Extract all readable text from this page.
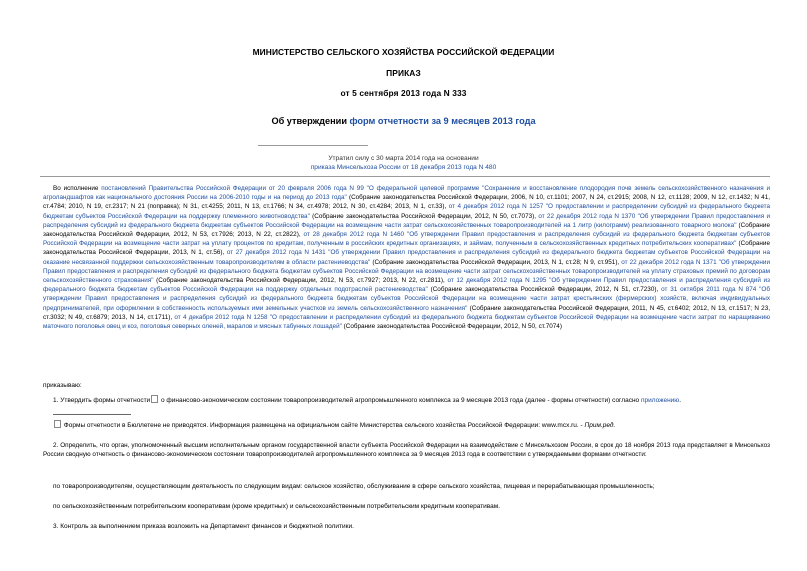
МИНИСТЕРСТВО СЕЛЬСКОГО ХОЗЯЙСТВА РОССИЙСКОЙ ФЕДЕРАЦИИ
ПРИКАЗ
от 5 сентября 2013 года N 333
Об утверждении форм отчетности за 9 месяцев 2013 года
Утратил силу с 30 марта 2014 года на основании
приказа Минсельхоза России от 18 декабря 2013 года N 480
Во исполнение постановлений Правительства Российской Федерации от 20 февраля 2006 года N 99 "О федеральной целевой программе "Сохранение и восстановление плодородия почв земель сельскохозяйственного назначения и агроландшафтов как национального достояния России на 2006-2010 годы и на период до 2013 года" (Собрание законодательства Российской Федерации, 2006, N 10, ст.1101; 2007, N 24, ст.2915; 2008, N 12, ст.1128; 2009, N 12, ст.1432; N 41, ст.4784; 2010, N 19, ст.2317; N 21 (поправка); N 31, ст.4255; 2011, N 13, ст.1766; N 34, ст.4978; 2012, N 30, ст.4284; 2013, N 1, ст.33), от 4 декабря 2012 года N 1257 "О предоставлении и распределении субсидий из федерального бюджета бюджетам субъектов Российской Федерации на поддержку племенного животноводства" (Собрание законодательства Российской Федерации, 2012, N 50, ст.7073), от 22 декабря 2012 года N 1370 "Об утверждении Правил предоставления и распределения субсидий из федерального бюджета бюджетам субъектов Российской Федерации на возмещение части затрат сельскохозяйственных товаропроизводителей на 1 литр (килограмм) реализованного товарного молока" (Собрание законодательства Российской Федерации, 2012, N 53, ст.7926; 2013, N 22, ст.2822), от 28 декабря 2012 года N 1460 "Об утверждении Правил предоставления и распределения субсидий из федерального бюджета бюджетам субъектов Российской Федерации на возмещение части затрат на уплату процентов по кредитам, полученным в российских кредитных организациях, и займам, полученным в сельскохозяйственных кредитных потребительских кооперативах" (Собрание законодательства Российской Федерации, 2013, N 1, ст.56), от 27 декабря 2012 года N 1431 "Об утверждении Правил предоставления и распределения субсидий из федерального бюджета бюджетам субъектов Российской Федерации на оказание несвязанной поддержки сельскохозяйственным товаропроизводителям в области растениеводства" (Собрание законодательства Российской Федерации, 2013, N 1, ст.28; N 9, ст.951), от 22 декабря 2012 года N 1371 "Об утверждении Правил предоставления и распределения субсидий из федерального бюджета бюджетам субъектов Российской Федерации на возмещение части затрат сельскохозяйственных товаропроизводителей на уплату страховых премий по договорам сельскохозяйственного страхования" (Собрание законодательства Российской Федерации, 2012, N 53, ст.7927; 2013, N 22, ст.2811), от 12 декабря 2012 года N 1295 "Об утверждении Правил предоставления и распределения субсидий из федерального бюджета бюджетам субъектов Российской Федерации на поддержку отдельных подотраслей растениеводства" (Собрание законодательства Российской Федерации, 2012, N 51, ст.7230), от 31 октября 2011 года N 874 "Об утверждении Правил предоставления и распределения субсидий из федерального бюджета бюджетам субъектов Российской Федерации на возмещение части затрат крестьянских (фермерских) хозяйств, включая индивидуальных предпринимателей, при оформлении в собственность используемых ими земельных участков из земель сельскохозяйственного назначения" (Собрание законодательства Российской Федерации, 2011, N 45, ст.6402; 2012, N 13, ст.1517; N 23, ст.3032; N 49, ст.6879; 2013, N 14, ст.1711), от 4 декабря 2012 года N 1258 "О предоставлении и распределении субсидий из федерального бюджета бюджетам субъектов Российской Федерации на возмещение части затрат по наращиванию маточного поголовья овец и коз, поголовья северных оленей, маралов и мясных табунных лошадей" (Собрание законодательства Российской Федерации, 2012, N 50, ст.7074)
приказываю:
1. Утвердить формы отчетности о финансово-экономическом состоянии товаропроизводителей агропромышленного комплекса за 9 месяцев 2013 года (далее - формы отчетности) согласно приложению.
Формы отчетности в Бюллетене не приводятся. Информация размещена на официальном сайте Министерства сельского хозяйства Российской Федерации: www.mcx.ru. - Прим.ред.
2. Определить, что орган, уполномоченный высшим исполнительным органом государственной власти субъекта Российской Федерации на взаимодействие с Минсельхозом России, в срок до 18 ноября 2013 года представляет в Минсельхоз России сводную отчетность о финансово-экономическом состоянии товаропроизводителей агропромышленного комплекса за 9 месяцев 2013 года в соответствии с утверждаемыми формами отчетности:
по товаропроизводителям, осуществляющим деятельность по следующим видам: сельское хозяйство, обслуживание в сфере сельского хозяйства, пищевая и перерабатывающая промышленность;
по сельскохозяйственным потребительским кооперативам (кроме кредитных) и сельскохозяйственным потребительским кредитным кооперативам.
3. Контроль за выполнением приказа возложить на Департамент финансов и бюджетной политики.
